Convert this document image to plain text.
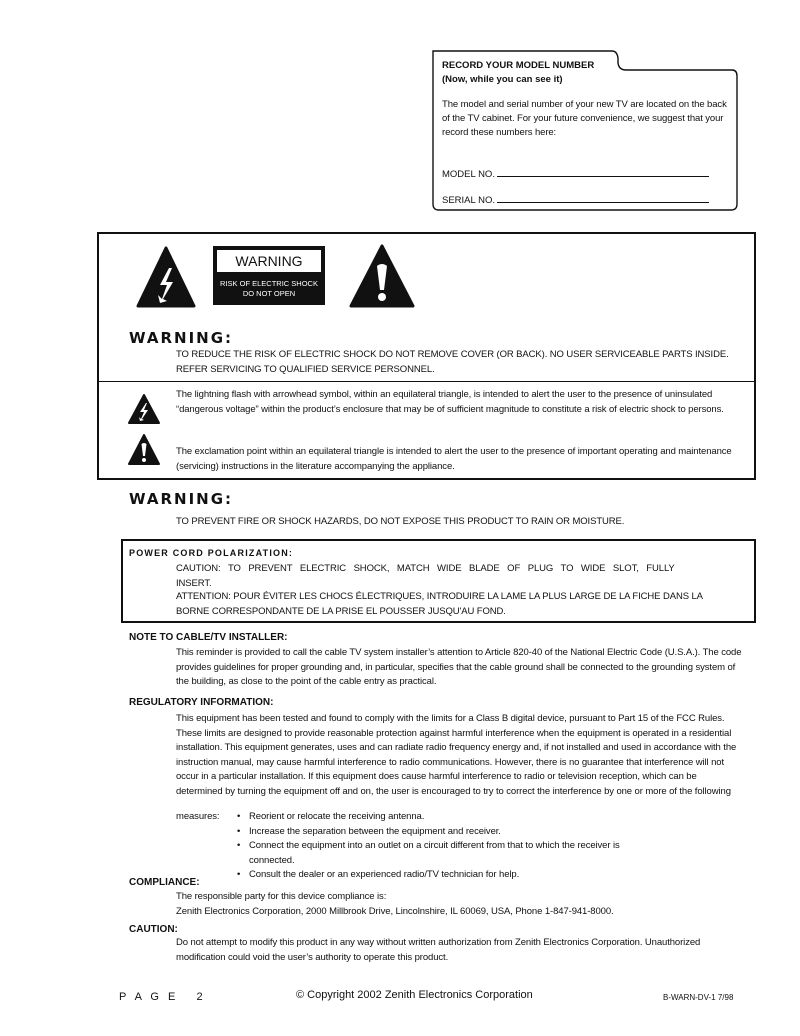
RECORD YOUR MODEL NUMBER
(Now, while you can see it)
The model and serial number of your new TV are located on the back of the TV cabinet. For your future convenience, we suggest that your record these numbers here:
MODEL NO.
SERIAL NO.
WARNING
RISK OF ELECTRIC SHOCK
DO NOT OPEN
WARNING:
TO REDUCE THE RISK OF ELECTRIC SHOCK DO NOT REMOVE COVER (OR BACK). NO USER SERVICEABLE PARTS INSIDE. REFER SERVICING TO QUALIFIED SERVICE PERSONNEL.
The lightning flash with arrowhead symbol, within an equilateral triangle, is intended to alert the user to the presence of uninsulated “dangerous voltage” within the product’s enclosure that may be of sufficient magnitude to constitute a risk of electric shock to persons.
The exclamation point within an equilateral triangle is intended to alert the user to the presence of important operating and maintenance (servicing) instructions in the literature accompanying the appliance.
WARNING:
TO PREVENT FIRE OR SHOCK HAZARDS, DO NOT EXPOSE THIS PRODUCT TO RAIN OR MOISTURE.
POWER CORD POLARIZATION:
CAUTION: TO PREVENT ELECTRIC SHOCK, MATCH WIDE BLADE OF PLUG TO WIDE SLOT, FULLY INSERT.
ATTENTION: POUR ÉVITER LES CHOCS ÉLECTRIQUES, INTRODUIRE LA LAME LA PLUS LARGE DE LA FICHE DANS LA BORNE CORRESPONDANTE DE LA PRISE EL POUSSER JUSQU'AU FOND.
NOTE TO CABLE/TV INSTALLER:
This reminder is provided to call the cable TV system installer’s attention to Article 820-40 of the National Electric Code (U.S.A.). The code provides guidelines for proper grounding and, in particular, specifies that the cable ground shall be connected to the grounding system of the building, as close to the point of the cable entry as practical.
REGULATORY INFORMATION:
This equipment has been tested and found to comply with the limits for a Class B digital device, pursuant to Part 15 of the FCC Rules. These limits are designed to provide reasonable protection against harmful interference when the equipment is operated in a residential installation. This equipment generates, uses and can radiate radio frequency energy and, if not installed and used in accordance with the instruction manual, may cause harmful interference to radio communications. However, there is no guarantee that interference will not occur in a particular installation. If this equipment does cause harmful interference to radio or television reception, which can be determined by turning the equipment off and on, the user is encouraged to try to correct the interference by one or more of the following
measures:
•	Reorient or relocate the receiving antenna.
• Increase the separation between the equipment and receiver.
• Connect the equipment into an outlet on a circuit different from that to which the receiver is connected.
• Consult the dealer or an experienced radio/TV technician for help.
COMPLIANCE:
The responsible party for this device compliance is:
Zenith Electronics Corporation, 2000 Millbrook Drive, Lincolnshire, IL 60069, USA, Phone 1-847-941-8000.
CAUTION:
Do not attempt to modify this product in any way without written authorization from Zenith Electronics Corporation. Unauthorized modification could void the user’s authority to operate this product.
P A G E   2	© Copyright 2002 Zenith Electronics Corporation	B-WARN-DV-1 7/98
